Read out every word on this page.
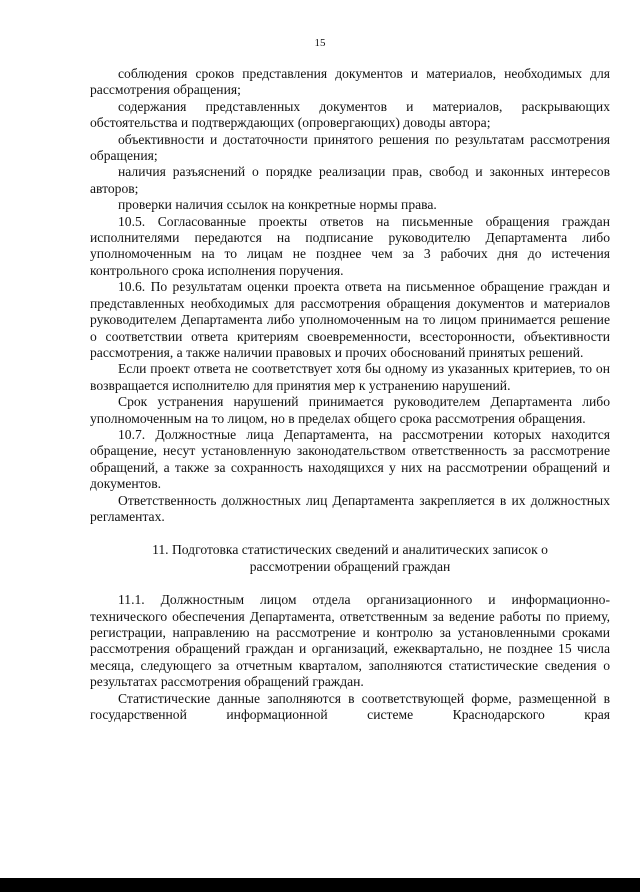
15

соблюдения сроков представления документов и материалов, необходимых для рассмотрения обращения;

содержания представленных документов и материалов, раскрывающих обстоятельства и подтверждающих (опровергающих) доводы автора;

объективности и достаточности принятого решения по результатам рассмотрения обращения;

наличия разъяснений о порядке реализации прав, свобод и законных интересов авторов;

проверки наличия ссылок на конкретные нормы права.

10.5. Согласованные проекты ответов на письменные обращения граждан исполнителями передаются на подписание руководителю Департамента либо уполномоченным на то лицам не позднее чем за 3 рабочих дня до истечения контрольного срока исполнения поручения.

10.6. По результатам оценки проекта ответа на письменное обращение граждан и представленных необходимых для рассмотрения обращения документов и материалов руководителем Департамента либо уполномоченным на то лицом принимается решение о соответствии ответа критериям своевременности, всесторонности, объективности рассмотрения, а также наличии правовых и прочих обоснований принятых решений.

Если проект ответа не соответствует хотя бы одному из указанных критериев, то он возвращается исполнителю для принятия мер к устранению нарушений.

Срок устранения нарушений принимается руководителем Департамента либо уполномоченным на то лицом, но в пределах общего срока рассмотрения обращения.

10.7. Должностные лица Департамента, на рассмотрении которых находится обращение, несут установленную законодательством ответственность за рассмотрение обращений, а также за сохранность находящихся у них на рассмотрении обращений и документов.

Ответственность должностных лиц Департамента закрепляется в их должностных регламентах.

11. Подготовка статистических сведений и аналитических записок о рассмотрении обращений граждан

11.1. Должностным лицом отдела организационного и информационно-технического обеспечения Департамента, ответственным за ведение работы по приему, регистрации, направлению на рассмотрение и контролю за установленными сроками рассмотрения обращений граждан и организаций, ежеквартально, не позднее 15 числа месяца, следующего за отчетным кварталом, заполняются статистические сведения о результатах рассмотрения обращений граждан.

Статистические данные заполняются в соответствующей форме, размещенной в государственной информационной системе Краснодарского края
